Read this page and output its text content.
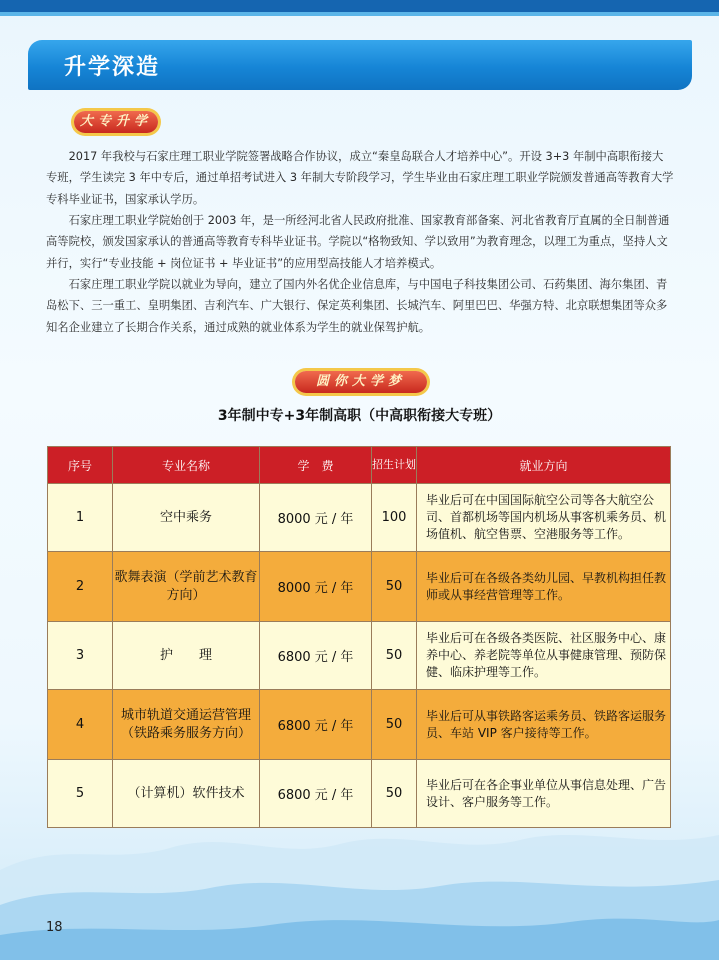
升学深造
大专升学

2017 年我校与石家庄理工职业学院签署战略合作协议，成立“秦皇岛联合人才培养中心”。开设 3+3 年制中高职衔接大专班，学生读完 3 年中专后，通过单招考试进入 3 年制大专阶段学习，学生毕业由石家庄理工职业学院颁发普通高等教育大学专科毕业证书，国家承认学历。

石家庄理工职业学院始创于 2003 年，是一所经河北省人民政府批准、国家教育部备案、河北省教育厅直属的全日制普通高等院校，颁发国家承认的普通高等教育专科毕业证书。学院以“格物致知、学以致用”为教育理念，以理工为重点，坚持人文并行，实行“专业技能 + 岗位证书 + 毕业证书”的应用型高技能人才培养模式。

石家庄理工职业学院以就业为导向，建立了国内外名优企业信息库，与中国电子科技集团公司、石药集团、海尔集团、青岛松下、三一重工、皇明集团、吉利汽车、广大银行、保定英利集团、长城汽车、阿里巴巴、华强方特、北京联想集团等众多知名企业建立了长期合作关系，通过成熟的就业体系为学生的就业保驾护航。

圆你大学梦
3年制中专+3年制高职（中高职衔接大专班）
序号	专业名称	学　费	招生计划	就业方向
1	空中乘务	8000 元 / 年	100	毕业后可在中国国际航空公司等各大航空公司、首都机场等国内机场从事客机乘务员、机场值机、航空售票、空港服务等工作。
2	歌舞表演（学前艺术教育方向）	8000 元 / 年	50	毕业后可在各级各类幼儿园、早教机构担任教师或从事经营管理等工作。
3	护　　理	6800 元 / 年	50	毕业后可在各级各类医院、社区服务中心、康养中心、养老院等单位从事健康管理、预防保健、临床护理等工作。
4	城市轨道交通运营管理（铁路乘务服务方向）	6800 元 / 年	50	毕业后可从事铁路客运乘务员、铁路客运服务员、车站 VIP 客户接待等工作。
5	（计算机）软件技术	6800 元 / 年	50	毕业后可在各企事业单位从事信息处理、广告设计、客户服务等工作。
18
